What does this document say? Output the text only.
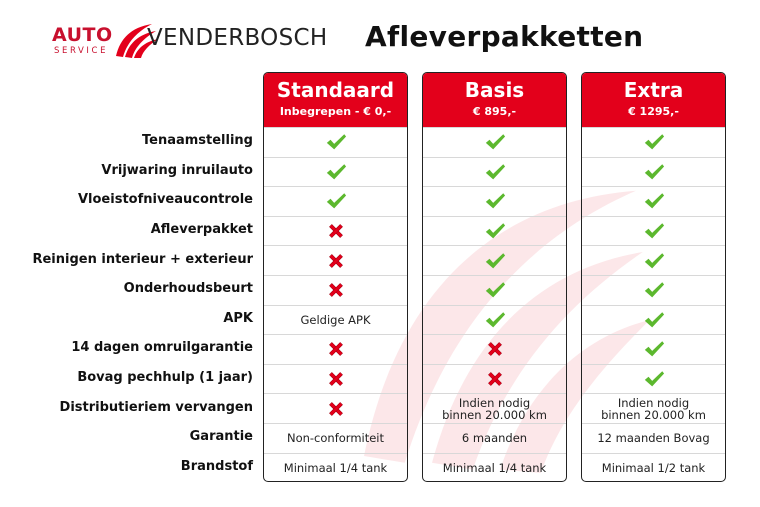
AUTO
SERVICE VENDERBOSCH Afleverpakketten
Tenaamstelling
Vrijwaring inruilauto
Vloeistofniveaucontrole
Afleverpakket
Reinigen interieur + exterieur
Onderhoudsbeurt
APK
14 dagen omruilgarantie
Bovag pechhulp (1 jaar)
Distributieriem vervangen
Garantie
Brandstof
Standaard
Inbegrepen - € 0,-
Geldige APK
Non-conformiteit
Minimaal 1/4 tank
Basis
€ 895,-
Indien nodig
binnen 20.000 km
6 maanden
Minimaal 1/4 tank
Extra
€ 1295,-
Indien nodig
binnen 20.000 km
12 maanden Bovag
Minimaal 1/2 tank
